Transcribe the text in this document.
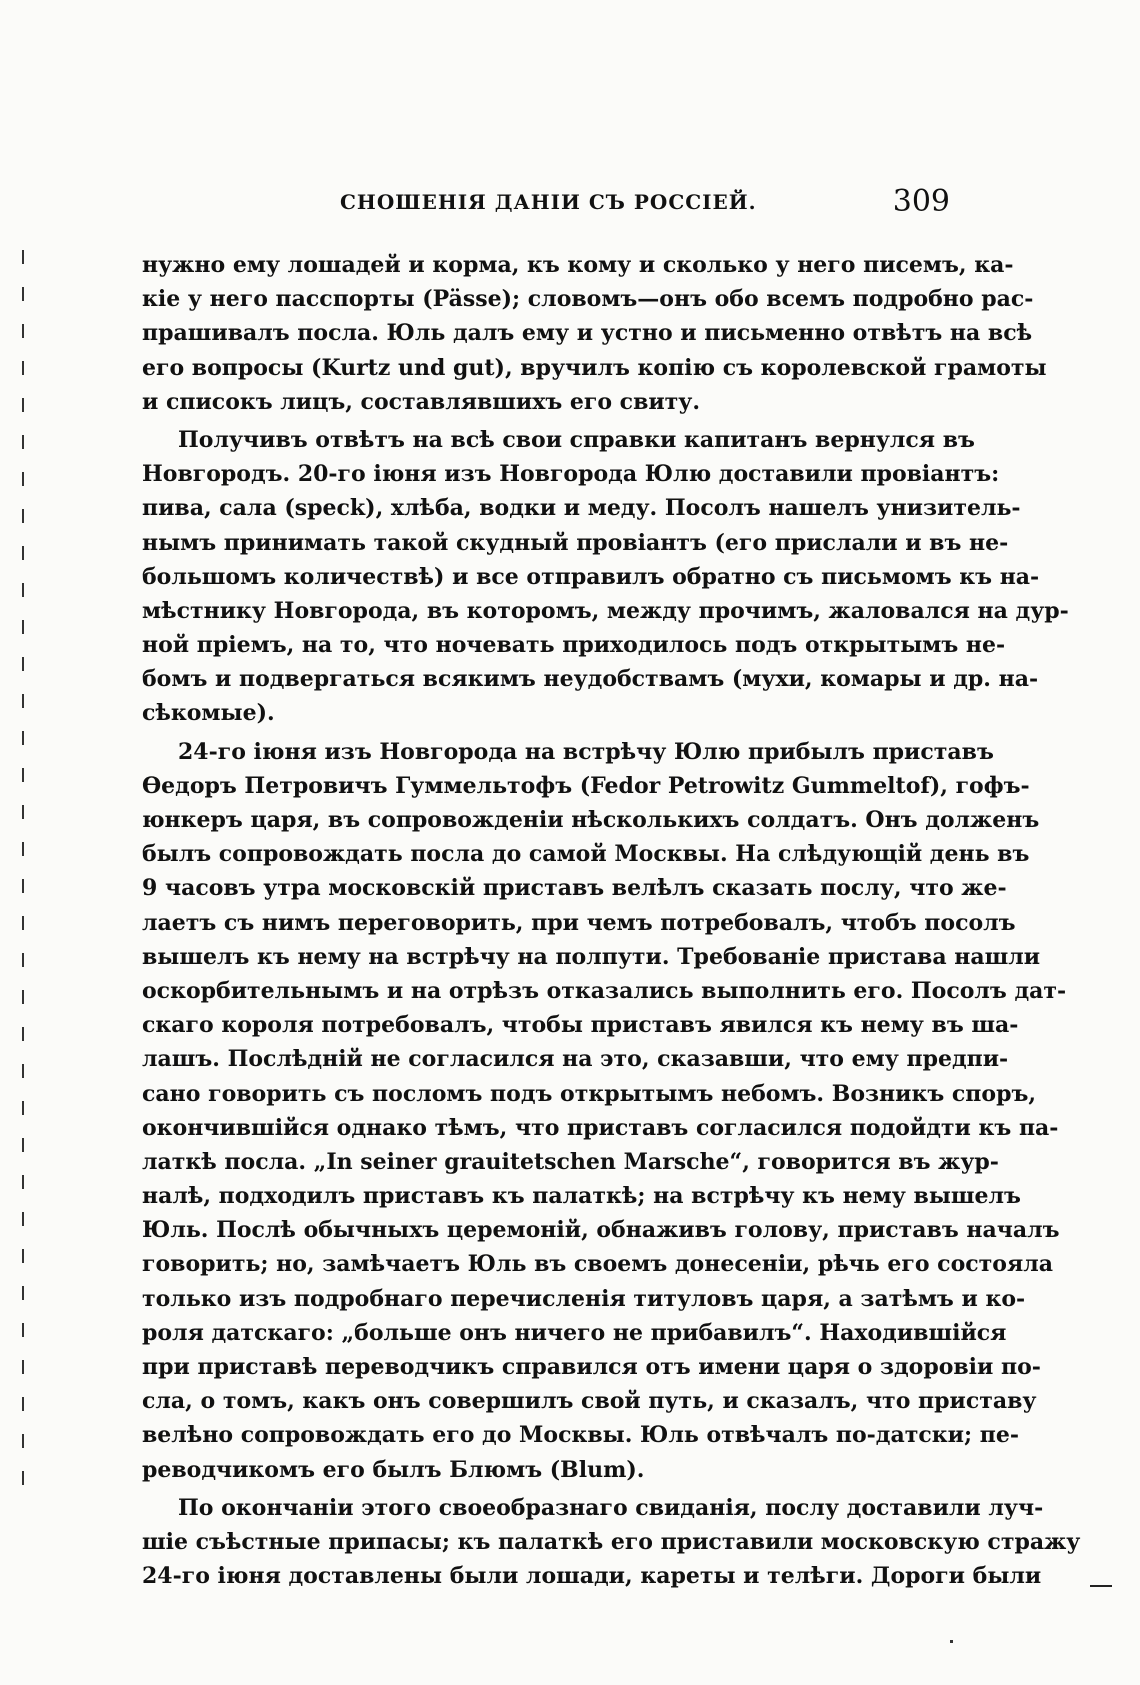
СНОШЕНІЯ ДАНІИ СЪ РОССІЕЙ.	309
нужно ему лошадей и корма, къ кому и сколько у него писемъ, ка-
кіе у него пасспорты (Pässe); словомъ—онъ обо всемъ подробно рас-
прашивалъ посла. Юль далъ ему и устно и письменно отвѣтъ на всѣ
его вопросы (Kurtz und gut), вручилъ копію съ королевской грамоты
и списокъ лицъ, составлявшихъ его свиту.
Получивъ отвѣтъ на всѣ свои справки капитанъ вернулся въ
Новгородъ. 20-го іюня изъ Новгорода Юлю доставили провіантъ:
пива, сала (speck), хлѣба, водки и меду. Посолъ нашелъ унизитель-
нымъ принимать такой скудный провіантъ (его прислали и въ не-
большомъ количествѣ) и все отправилъ обратно съ письмомъ къ на-
мѣстнику Новгорода, въ которомъ, между прочимъ, жаловался на дур-
ной пріемъ, на то, что ночевать приходилось подъ открытымъ не-
бомъ и подвергаться всякимъ неудобствамъ (мухи, комары и др. на-
сѣкомые).
24-го іюня изъ Новгорода на встрѣчу Юлю прибылъ приставъ
Өедоръ Петровичъ Гуммельтофъ (Fedor Petrowitz Gummeltof), гофъ-
юнкеръ царя, въ сопровожденіи нѣсколькихъ солдатъ. Онъ долженъ
былъ сопровождать посла до самой Москвы. На слѣдующій день въ
9 часовъ утра московскій приставъ велѣлъ сказать послу, что же-
лаетъ съ нимъ переговорить, при чемъ потребовалъ, чтобъ посолъ
вышелъ къ нему на встрѣчу на полпути. Требованіе пристава нашли
оскорбительнымъ и на отрѣзъ отказались выполнить его. Посолъ дат-
скаго короля потребовалъ, чтобы приставъ явился къ нему въ ша-
лашъ. Послѣдній не согласился на это, сказавши, что ему предпи-
сано говорить съ посломъ подъ открытымъ небомъ. Возникъ споръ,
окончившійся однако тѣмъ, что приставъ согласился подойдти къ па-
латкѣ посла. „In seiner grauitetschen Marsche“, говорится въ жур-
налѣ, подходилъ приставъ къ палаткѣ; на встрѣчу къ нему вышелъ
Юль. Послѣ обычныхъ церемоній, обнаживъ голову, приставъ началъ
говорить; но, замѣчаетъ Юль въ своемъ донесеніи, рѣчь его состояла
только изъ подробнаго перечисленія титуловъ царя, а затѣмъ и ко-
роля датскаго: „больше онъ ничего не прибавилъ“. Находившійся
при приставѣ переводчикъ справился отъ имени царя о здоровіи по-
сла, о томъ, какъ онъ совершилъ свой путь, и сказалъ, что приставу
велѣно сопровождать его до Москвы. Юль отвѣчалъ по-датски; пе-
реводчикомъ его былъ Блюмъ (Blum).
По окончаніи этого своеобразнаго свиданія, послу доставили луч-
шіе съѣстные припасы; къ палаткѣ его приставили московскую стражу
24-го іюня доставлены были лошади, кареты и телѣги. Дороги были
